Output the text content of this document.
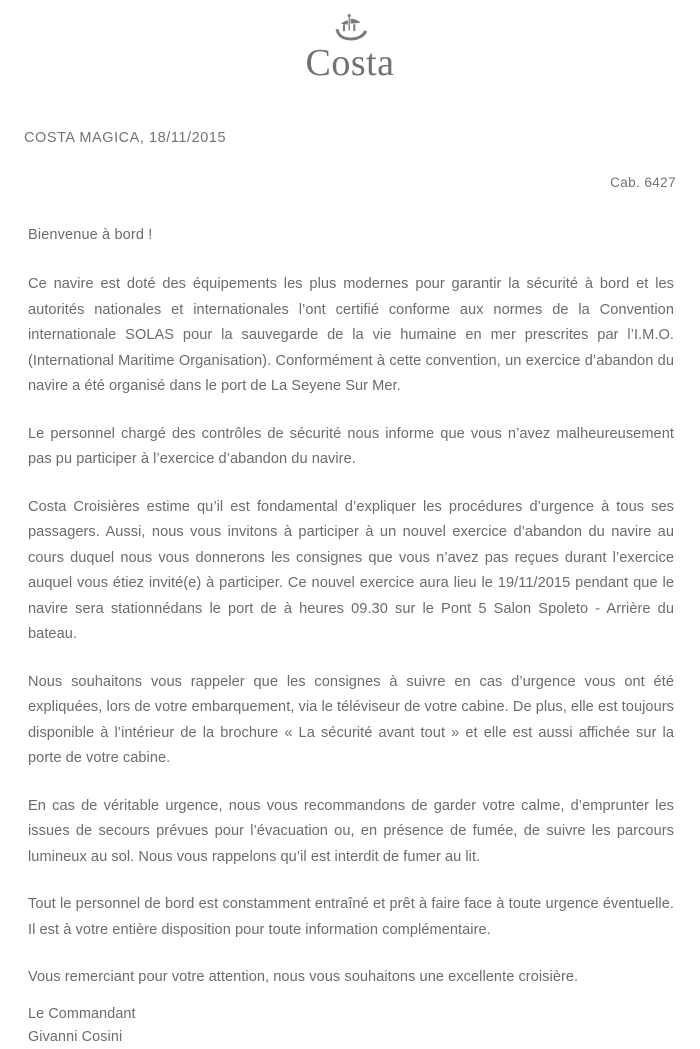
Costa
COSTA MAGICA, 18/11/2015
Cab. 6427
Bienvenue à bord !

Ce navire est doté des équipements les plus modernes pour garantir la sécurité à bord et les autorités nationales et internationales l’ont certifié conforme aux normes de la Convention internationale SOLAS pour la sauvegarde de la vie humaine en mer prescrites par l’I.M.O. (International Maritime Organisation). Conformément à cette convention, un exercice d’abandon du navire a été organisé dans le port de La Seyene Sur Mer.

Le personnel chargé des contrôles de sécurité nous informe que vous n’avez malheureusement pas pu participer à l’exercice d’abandon du navire.

Costa Croisières estime qu’il est fondamental d’expliquer les procédures d’urgence à tous ses passagers. Aussi, nous vous invitons à participer à un nouvel exercice d’abandon du navire au cours duquel nous vous donnerons les consignes que vous n’avez pas reçues durant l’exercice auquel vous étiez invité(e) à participer. Ce nouvel exercice aura lieu le 19/11/2015 pendant que le navire sera stationnédans le port de à heures 09.30 sur le Pont 5 Salon Spoleto - Arrière du bateau.

Nous souhaitons vous rappeler que les consignes à suivre en cas d’urgence vous ont été expliquées, lors de votre embarquement, via le téléviseur de votre cabine. De plus, elle est toujours disponible à l’intérieur de la brochure « La sécurité avant tout » et elle est aussi affichée sur la porte de votre cabine.

En cas de véritable urgence, nous vous recommandons de garder votre calme, d’emprunter les issues de secours prévues pour l’évacuation ou, en présence de fumée, de suivre les parcours lumineux au sol. Nous vous rappelons qu’il est interdit de fumer au lit.

Tout le personnel de bord est constamment entraîné et prêt à faire face à toute urgence éventuelle. Il est à votre entière disposition pour toute information complémentaire.

Vous remerciant pour votre attention, nous vous souhaitons une excellente croisière.

Le Commandant
Givanni Cosini
